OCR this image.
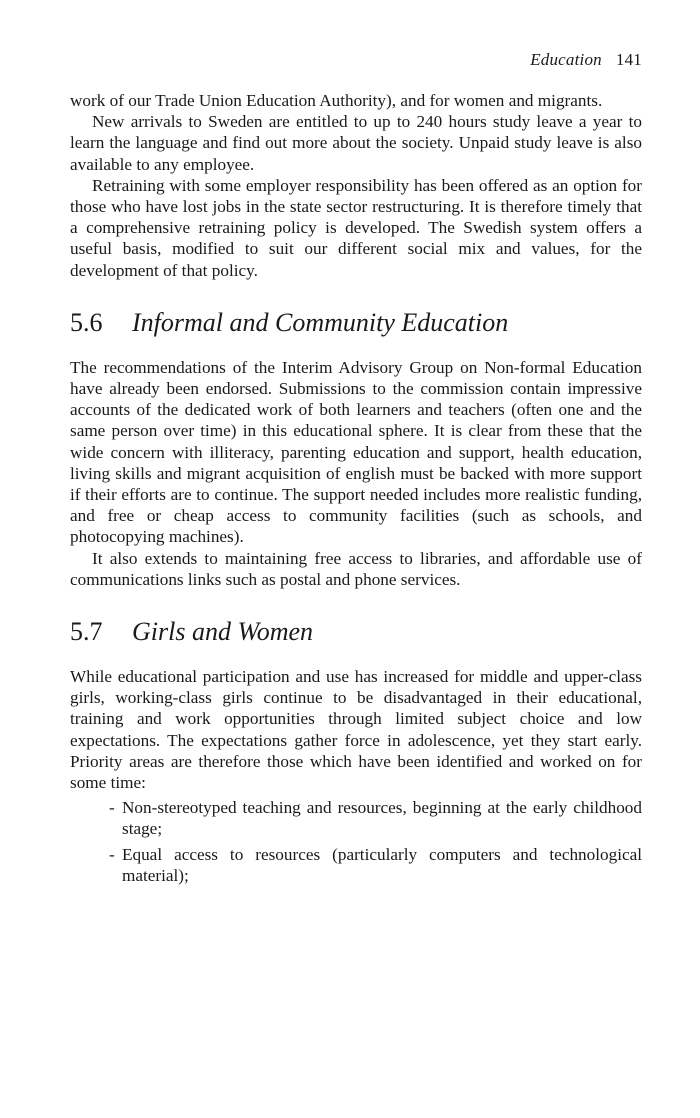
Education 141

work of our Trade Union Education Authority), and for women and migrants.

New arrivals to Sweden are entitled to up to 240 hours study leave a year to learn the language and find out more about the society. Unpaid study leave is also available to any employee.

Retraining with some employer responsibility has been offered as an option for those who have lost jobs in the state sector restructuring. It is therefore timely that a comprehensive retraining policy is developed. The Swedish system offers a useful basis, modified to suit our different social mix and values, for the development of that policy.

5.6 Informal and Community Education

The recommendations of the Interim Advisory Group on Non-formal Education have already been endorsed. Submissions to the commission contain impressive accounts of the dedicated work of both learners and teachers (often one and the same person over time) in this educational sphere. It is clear from these that the wide concern with illiteracy, parenting education and support, health education, living skills and migrant acquisition of english must be backed with more support if their efforts are to continue. The support needed includes more realistic funding, and free or cheap access to community facilities (such as schools, and photocopying machines).

It also extends to maintaining free access to libraries, and affordable use of communications links such as postal and phone services.

5.7 Girls and Women

While educational participation and use has increased for middle and upper-class girls, working-class girls continue to be disadvantaged in their educational, training and work opportunities through limited subject choice and low expectations. The expectations gather force in adolescence, yet they start early. Priority areas are therefore those which have been identified and worked on for some time:

- Non-stereotyped teaching and resources, beginning at the early childhood stage;
- Equal access to resources (particularly computers and technological material);
